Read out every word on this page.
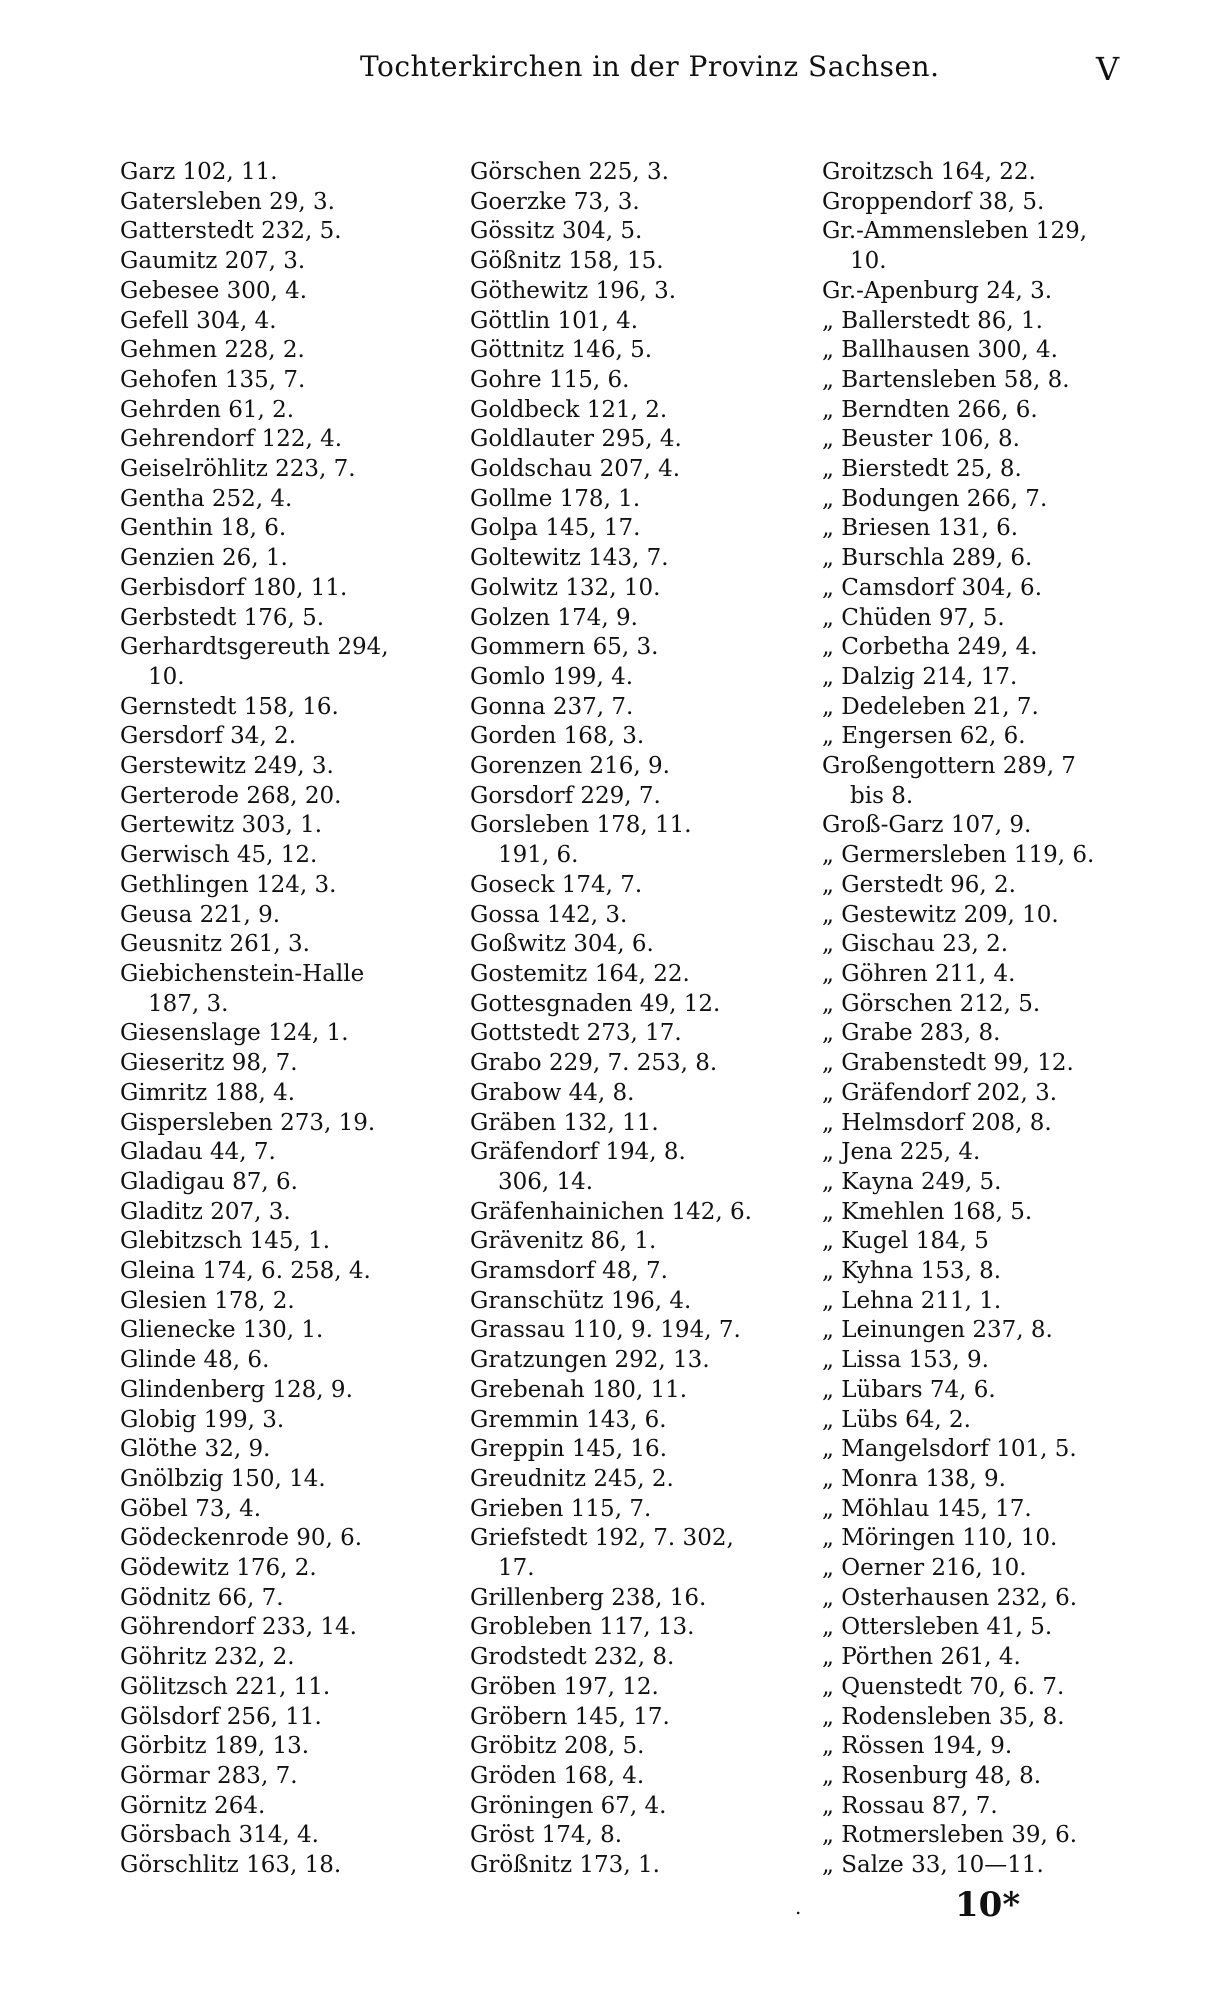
Tochterkirchen in der Provinz Sachsen.	V
Garz 102, 11.
Gatersleben 29, 3.
Gatterstedt 232, 5.
Gaumitz 207, 3.
Gebesee 300, 4.
Gefell 304, 4.
Gehmen 228, 2.
Gehofen 135, 7.
Gehrden 61, 2.
Gehrendorf 122, 4.
Geiselröhlitz 223, 7.
Gentha 252, 4.
Genthin 18, 6.
Genzien 26, 1.
Gerbisdorf 180, 11.
Gerbstedt 176, 5.
Gerhardtsgereuth 294,
10.
Gernstedt 158, 16.
Gersdorf 34, 2.
Gerstewitz 249, 3.
Gerterode 268, 20.
Gertewitz 303, 1.
Gerwisch 45, 12.
Gethlingen 124, 3.
Geusa 221, 9.
Geusnitz 261, 3.
Giebichenstein-Halle
187, 3.
Giesenslage 124, 1.
Gieseritz 98, 7.
Gimritz 188, 4.
Gispersleben 273, 19.
Gladau 44, 7.
Gladigau 87, 6.
Gladitz 207, 3.
Glebitzsch 145, 1.
Gleina 174, 6. 258, 4.
Glesien 178, 2.
Glienecke 130, 1.
Glinde 48, 6.
Glindenberg 128, 9.
Globig 199, 3.
Glöthe 32, 9.
Gnölbzig 150, 14.
Göbel 73, 4.
Gödeckenrode 90, 6.
Gödewitz 176, 2.
Gödnitz 66, 7.
Göhrendorf 233, 14.
Göhritz 232, 2.
Gölitzsch 221, 11.
Gölsdorf 256, 11.
Görbitz 189, 13.
Görmar 283, 7.
Görnitz 264.
Görsbach 314, 4.
Görschlitz 163, 18.
Görschen 225, 3.
Goerzke 73, 3.
Gössitz 304, 5.
Gößnitz 158, 15.
Göthewitz 196, 3.
Göttlin 101, 4.
Göttnitz 146, 5.
Gohre 115, 6.
Goldbeck 121, 2.
Goldlauter 295, 4.
Goldschau 207, 4.
Gollme 178, 1.
Golpa 145, 17.
Goltewitz 143, 7.
Golwitz 132, 10.
Golzen 174, 9.
Gommern 65, 3.
Gomlo 199, 4.
Gonna 237, 7.
Gorden 168, 3.
Gorenzen 216, 9.
Gorsdorf 229, 7.
Gorsleben 178, 11.
191, 6.
Goseck 174, 7.
Gossa 142, 3.
Goßwitz 304, 6.
Gostemitz 164, 22.
Gottesgnaden 49, 12.
Gottstedt 273, 17.
Grabo 229, 7. 253, 8.
Grabow 44, 8.
Gräben 132, 11.
Gräfendorf 194, 8.
306, 14.
Gräfenhainichen 142, 6.
Grävenitz 86, 1.
Gramsdorf 48, 7.
Granschütz 196, 4.
Grassau 110, 9. 194, 7.
Gratzungen 292, 13.
Grebenah 180, 11.
Gremmin 143, 6.
Greppin 145, 16.
Greudnitz 245, 2.
Grieben 115, 7.
Griefstedt 192, 7. 302,
17.
Grillenberg 238, 16.
Grobleben 117, 13.
Grodstedt 232, 8.
Gröben 197, 12.
Gröbern 145, 17.
Gröbitz 208, 5.
Gröden 168, 4.
Gröningen 67, 4.
Gröst 174, 8.
Größnitz 173, 1.
Groitzsch 164, 22.
Groppendorf 38, 5.
Gr.-Ammensleben 129,
10.
Gr.-Apenburg 24, 3.
„ Ballerstedt 86, 1.
„ Ballhausen 300, 4.
„ Bartensleben 58, 8.
„ Berndten 266, 6.
„ Beuster 106, 8.
„ Bierstedt 25, 8.
„ Bodungen 266, 7.
„ Briesen 131, 6.
„ Burschla 289, 6.
„ Camsdorf 304, 6.
„ Chüden 97, 5.
„ Corbetha 249, 4.
„ Dalzig 214, 17.
„ Dedeleben 21, 7.
„ Engersen 62, 6.
Großengottern 289, 7
bis 8.
Groß-Garz 107, 9.
„ Germersleben 119, 6.
„ Gerstedt 96, 2.
„ Gestewitz 209, 10.
„ Gischau 23, 2.
„ Göhren 211, 4.
„ Görschen 212, 5.
„ Grabe 283, 8.
„ Grabenstedt 99, 12.
„ Gräfendorf 202, 3.
„ Helmsdorf 208, 8.
„ Jena 225, 4.
„ Kayna 249, 5.
„ Kmehlen 168, 5.
„ Kugel 184, 5
„ Kyhna 153, 8.
„ Lehna 211, 1.
„ Leinungen 237, 8.
„ Lissa 153, 9.
„ Lübars 74, 6.
„ Lübs 64, 2.
„ Mangelsdorf 101, 5.
„ Monra 138, 9.
„ Möhlau 145, 17.
„ Möringen 110, 10.
„ Oerner 216, 10.
„ Osterhausen 232, 6.
„ Ottersleben 41, 5.
„ Pörthen 261, 4.
„ Quenstedt 70, 6. 7.
„ Rodensleben 35, 8.
„ Rössen 194, 9.
„ Rosenburg 48, 8.
„ Rossau 87, 7.
„ Rotmersleben 39, 6.
„ Salze 33, 10—11.
.	10*
